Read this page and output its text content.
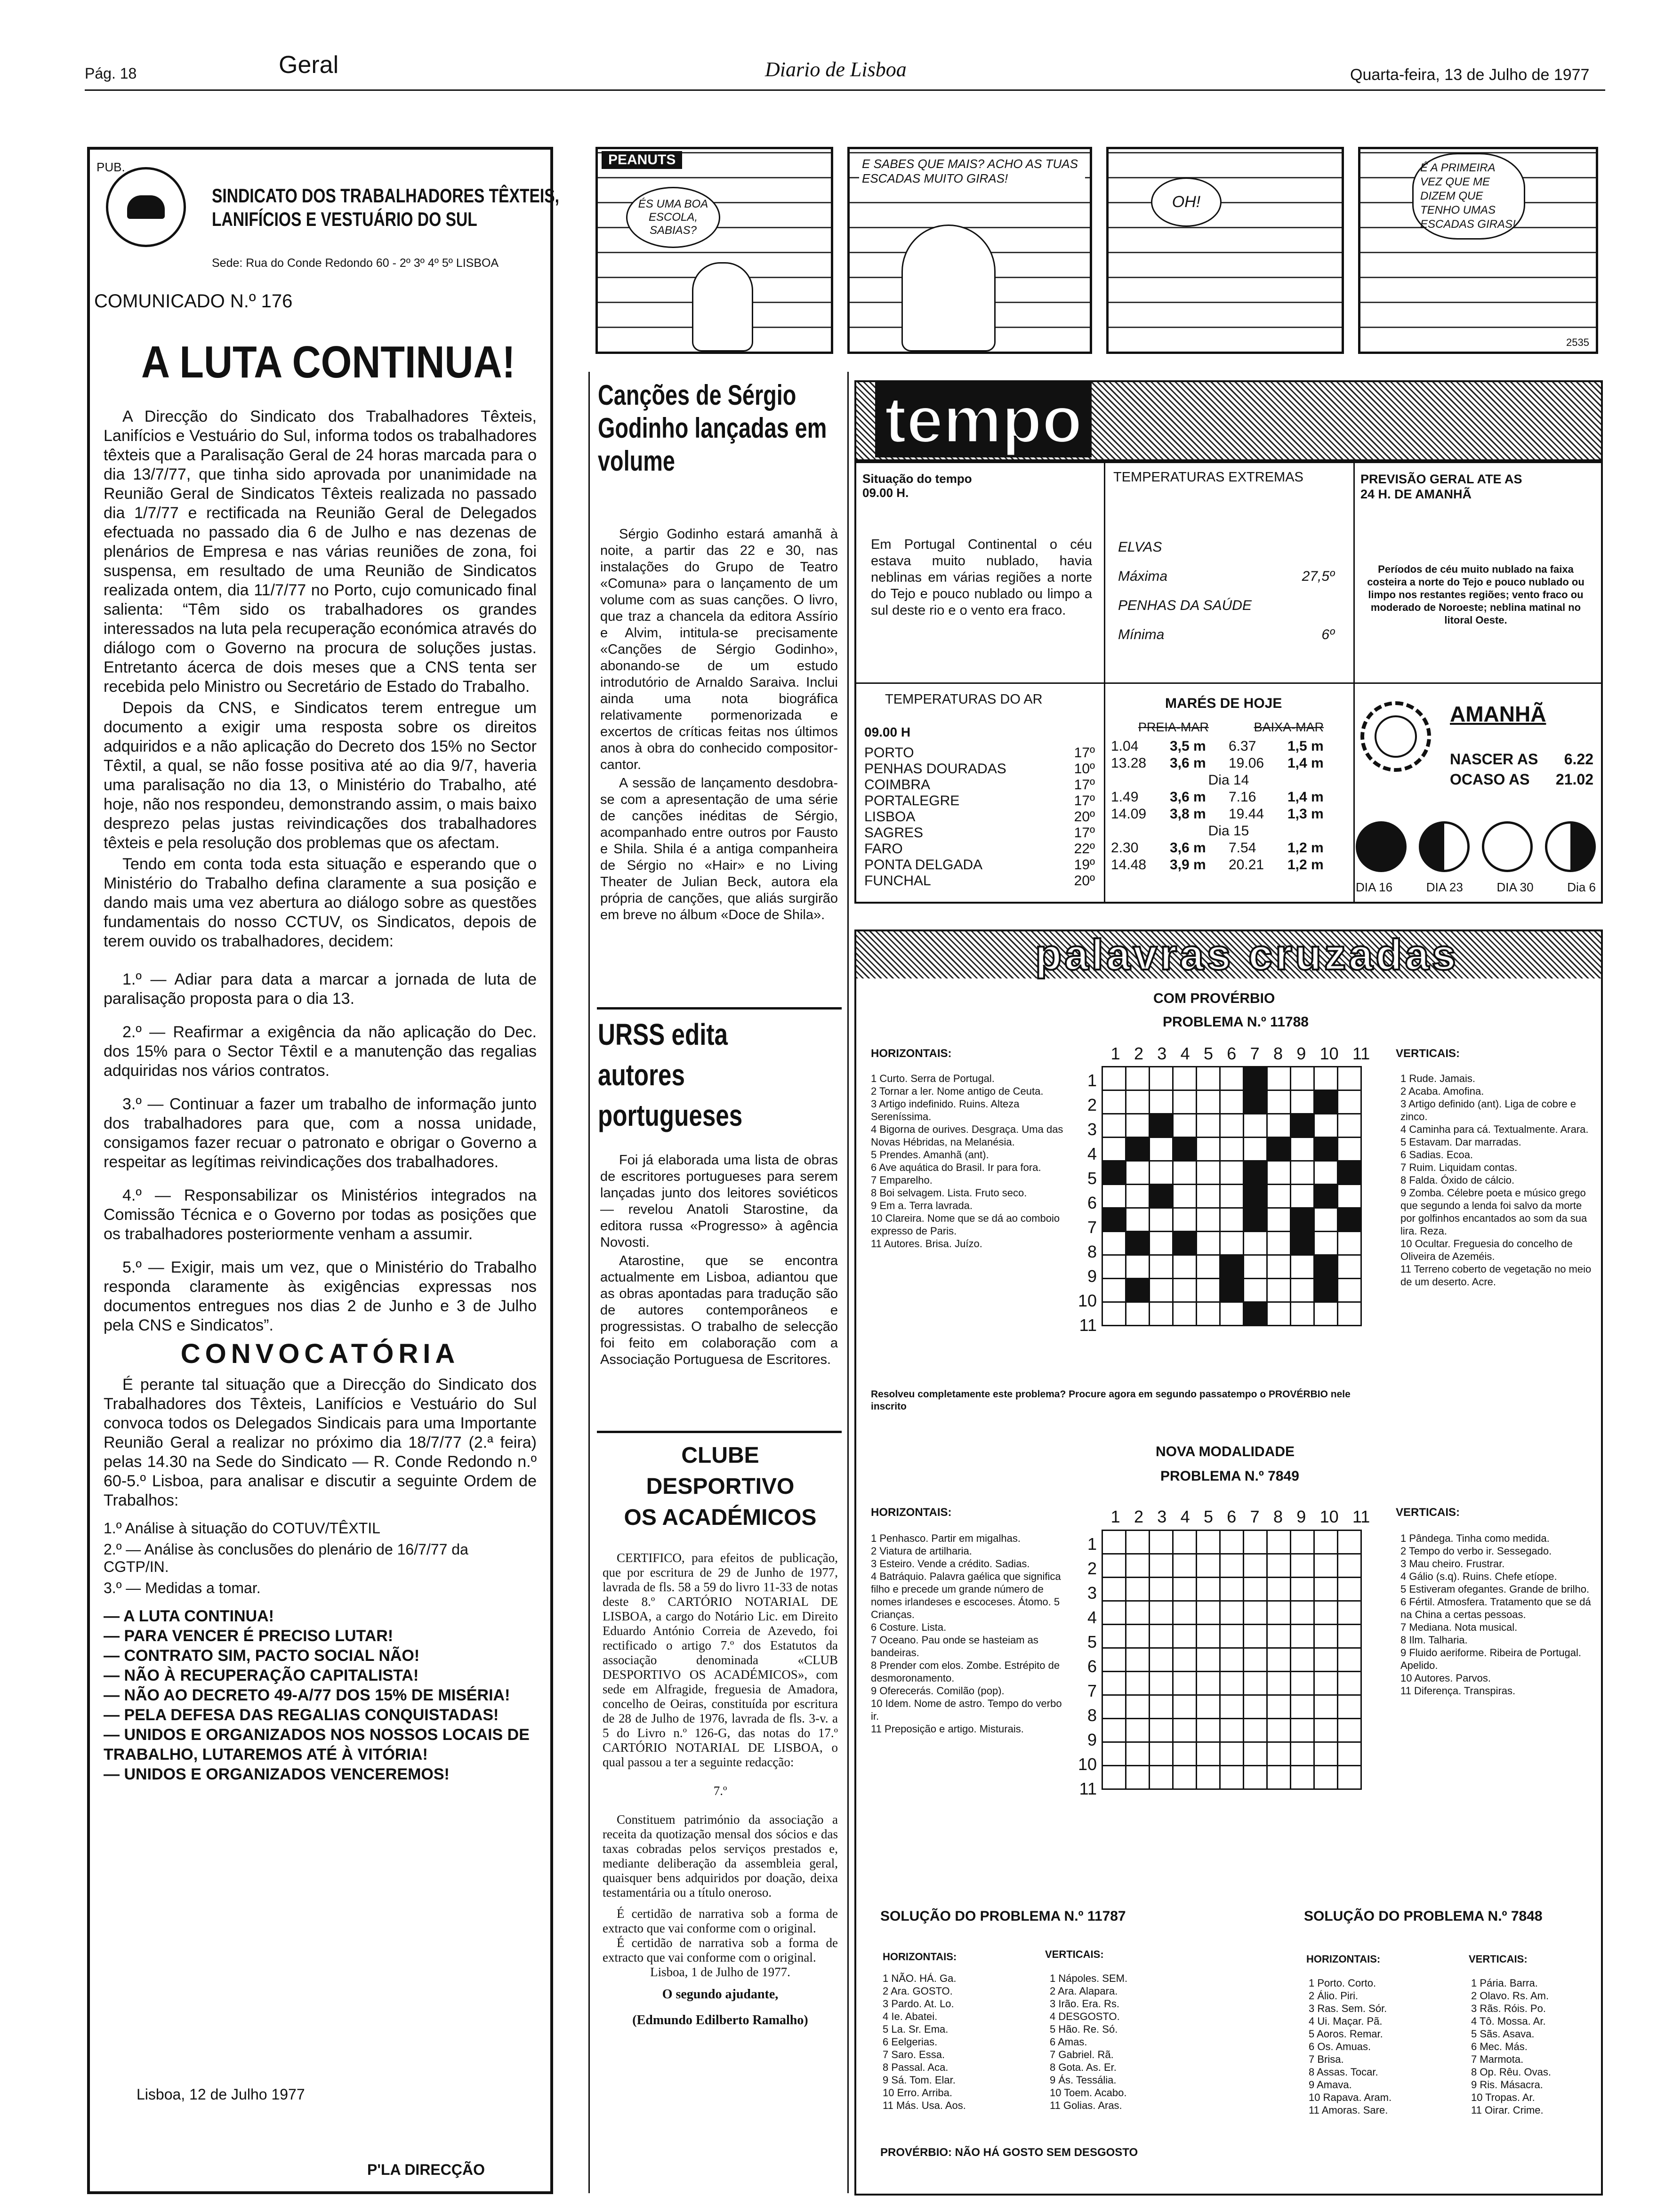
Pág. 18	Geral	Diario de Lisboa	Quarta-feira, 13 de Julho de 1977
PUB.
SINDICATO DOS TRABALHADORES TÊXTEIS,
LANIFÍCIOS E VESTUÁRIO DO SUL
Sede: Rua do Conde Redondo 60 - 2º 3º 4º 5º LISBOA
COMUNICADO N.º 176
A LUTA CONTINUA!

A Direcção do Sindicato dos Trabalhadores Têxteis, Lanifícios e Vestuário do Sul, informa todos os trabalhadores têxteis que a Paralisação Geral de 24 horas marcada para o dia 13/7/77, que tinha sido aprovada por unanimidade na Reunião Geral de Sindicatos Têxteis realizada no passado dia 1/7/77 e rectificada na Reunião Geral de Delegados efectuada no passado dia 6 de Julho e nas dezenas de plenários de Empresa e nas várias reuniões de zona, foi suspensa, em resultado de uma Reunião de Sindicatos realizada ontem, dia 11/7/77 no Porto, cujo comunicado final salienta: “Têm sido os trabalhadores os grandes interessados na luta pela recuperação económica através do diálogo com o Governo na procura de soluções justas. Entretanto ácerca de dois meses que a CNS tenta ser recebida pelo Ministro ou Secretário de Estado do Trabalho.

Depois da CNS, e Sindicatos terem entregue um documento a exigir uma resposta sobre os direitos adquiridos e a não aplicação do Decreto dos 15% no Sector Têxtil, a qual, se não fosse positiva até ao dia 9/7, haveria uma paralisação no dia 13, o Ministério do Trabalho, até hoje, não nos respondeu, demonstrando assim, o mais baixo desprezo pelas justas reivindicações dos trabalhadores têxteis e pela resolução dos problemas que os afectam.

Tendo em conta toda esta situação e esperando que o Ministério do Trabalho defina claramente a sua posição e dando mais uma vez abertura ao diálogo sobre as questões fundamentais do nosso CCTUV, os Sindicatos, depois de terem ouvido os trabalhadores, decidem:

1.º — Adiar para data a marcar a jornada de luta de paralisação proposta para o dia 13.

2.º — Reafirmar a exigência da não aplicação do Dec. dos 15% para o Sector Têxtil e a manutenção das regalias adquiridas nos vários contratos.

3.º — Continuar a fazer um trabalho de informação junto dos trabalhadores para que, com a nossa unidade, consigamos fazer recuar o patronato e obrigar o Governo a respeitar as legítimas reivindicações dos trabalhadores.

4.º — Responsabilizar os Ministérios integrados na Comissão Técnica e o Governo por todas as posições que os trabalhadores posteriormente venham a assumir.

5.º — Exigir, mais um vez, que o Ministério do Trabalho responda claramente às exigências expressas nos documentos entregues nos dias 2 de Junho e 3 de Julho pela CNS e Sindicatos”.

CONVOCATÓRIA

É perante tal situação que a Direcção do Sindicato dos Trabalhadores dos Têxteis, Lanifícios e Vestuário do Sul convoca todos os Delegados Sindicais para uma Importante Reunião Geral a realizar no próximo dia 18/7/77 (2.ª feira) pelas 14.30 na Sede do Sindicato — R. Conde Redondo n.º 60-5.º Lisboa, para analisar e discutir a seguinte Ordem de Trabalhos:

1.º Análise à situação do COTUV/TÊXTIL
2.º — Análise às conclusões do plenário de 16/7/77 da CGTP/IN.
3.º — Medidas a tomar.
— A LUTA CONTINUA!
— PARA VENCER É PRECISO LUTAR!
— CONTRATO SIM, PACTO SOCIAL NÃO!
— NÃO À RECUPERAÇÃO CAPITALISTA!
— NÃO AO DECRETO 49-A/77 DOS 15% DE MISÉRIA!
— PELA DEFESA DAS REGALIAS CONQUISTADAS!
— UNIDOS E ORGANIZADOS NOS NOSSOS LOCAIS DE TRABALHO, LUTAREMOS ATÉ À VITÓRIA!
— UNIDOS E ORGANIZADOS VENCEREMOS!
Lisboa, 12 de Julho 1977
P'LA DIRECÇÃO
PEANUTS
ÉS UMA BOA ESCOLA, SABIAS?
E SABES QUE MAIS? ACHO AS TUAS ESCADAS MUITO GIRAS!
OH!
É A PRIMEIRA VEZ QUE ME DIZEM QUE TENHO UMAS ESCADAS GIRAS!
2535
Canções de Sérgio Godinho lançadas em volume

Sérgio Godinho estará amanhã à noite, a partir das 22 e 30, nas instalações do Grupo de Teatro «Comuna» para o lançamento de um volume com as suas canções. O livro, que traz a chancela da editora Assírio e Alvim, intitula-se precisamente «Canções de Sérgio Godinho», abonando-se de um estudo introdutório de Arnaldo Saraiva. Inclui ainda uma nota biográfica relativamente pormenorizada e excertos de críticas feitas nos últimos anos à obra do conhecido compositor-cantor.

A sessão de lançamento desdobra-se com a apresentação de uma série de canções inéditas de Sérgio, acompanhado entre outros por Fausto e Shila. Shila é a antiga companheira de Sérgio no «Hair» e no Living Theater de Julian Beck, autora ela própria de canções, que aliás surgirão em breve no álbum «Doce de Shila».

URSS edita autores portugueses

Foi já elaborada uma lista de obras de escritores portugueses para serem lançadas junto dos leitores soviéticos — revelou Anatoli Starostine, da editora russa «Progresso» à agência Novosti.

Atarostine, que se encontra actualmente em Lisboa, adiantou que as obras apontadas para tradução são de autores contemporâneos e progressistas. O trabalho de selecção foi feito em colaboração com a Associação Portuguesa de Escritores.

CLUBE
DESPORTIVO
OS ACADÉMICOS

CERTIFICO, para efeitos de publicação, que por escritura de 29 de Junho de 1977, lavrada de fls. 58 a 59 do livro 11-33 de notas deste 8.º CARTÓRIO NOTARIAL DE LISBOA, a cargo do Notário Lic. em Direito Eduardo António Correia de Azevedo, foi rectificado o artigo 7.º dos Estatutos da associação denominada «CLUB DESPORTIVO OS ACADÉMICOS», com sede em Alfragide, freguesia de Amadora, concelho de Oeiras, constituída por escritura de 28 de Julho de 1976, lavrada de fls. 3-v. a 5 do Livro n.º 126-G, das notas do 17.º CARTÓRIO NOTARIAL DE LISBOA, o qual passou a ter a seguinte redacção:

7.º

Constituem património da associação a receita da quotização mensal dos sócios e das taxas cobradas pelos serviços prestados e, mediante deliberação da assembleia geral, quaisquer bens adquiridos por doação, deixa testamentária ou a título oneroso.

É certidão de narrativa sob a forma de extracto que vai conforme com o original.

É certidão de narrativa sob a forma de extracto que vai conforme com o original.

Lisboa, 1 de Julho de 1977.

O segundo ajudante,

(Edmundo Edilberto Ramalho)

tempo
Situação do tempo 09.00 H.
Em Portugal Continental o céu estava muito nublado, havia neblinas em várias regiões a norte do Tejo e pouco nublado ou limpo a sul deste rio e o vento era fraco.
TEMPERATURAS EXTREMAS
ELVAS
Máxima	27,5º
PENHAS DA SAÚDE
Mínima	6º
PREVISÃO GERAL ATE AS 24 H. DE AMANHÃ
Períodos de céu muito nublado na faixa costeira a norte do Tejo e pouco nublado ou limpo nos restantes regiões; vento fraco ou moderado de Noroeste; neblina matinal no litoral Oeste.
TEMPERATURAS DO AR
09.00 H
PORTO	17º
PENHAS DOURADAS	10º
COIMBRA	17º
PORTALEGRE	17º
LISBOA	20º
SAGRES	17º
FARO	22º
PONTA DELGADA	19º
FUNCHAL	20º
MARÉS DE HOJE
PREIA-MAR	BAIXA-MAR
1.04	3,5 m	6.37	1,5 m
13.28	3,6 m	19.06	1,4 m
Dia 14
1.49	3,6 m	7.16	1,4 m
14.09	3,8 m	19.44	1,3 m
Dia 15
2.30	3,6 m	7.54	1,2 m
14.48	3,9 m	20.21	1,2 m
AMANHÃ
NASCER AS 6.22
OCASO AS 21.02
DIA 16	DIA 23	DIA 30	Dia 6
palavras cruzadas
COM PROVÉRBIO
PROBLEMA N.º 11788
HORIZONTAIS:
1 Curto. Serra de Portugal.
2 Tornar a ler. Nome antigo de Ceuta.
3 Artigo indefinido. Ruins. Alteza Sereníssima.
4 Bigorna de ourives. Desgraça. Uma das Novas Hébridas, na Melanésia.
5 Prendes. Amanhã (ant).
6 Ave aquática do Brasil. Ir para fora.
7 Emparelho.
8 Boi selvagem. Lista. Fruto seco.
9 Em a. Terra lavrada.
10 Clareira. Nome que se dá ao comboio expresso de Paris.
11 Autores. Brisa. Juízo.
1 2 3 4 5 6 7 8 9 10 11
1
2
3
4
5
6
7
8
9
10
11

VERTICAIS:
1 Rude. Jamais.
2 Acaba. Amofina.
3 Artigo definido (ant). Liga de cobre e zinco.
4 Caminha para cá. Textualmente. Arara.
5 Estavam. Dar marradas.
6 Sadias. Ecoa.
7 Ruim. Liquidam contas.
8 Falda. Óxido de cálcio.
9 Zomba. Célebre poeta e músico grego que segundo a lenda foi salvo da morte por golfinhos encantados ao som da sua lira. Reza.
10 Ocultar. Freguesia do concelho de Oliveira de Azeméis.
11 Terreno coberto de vegetação no meio de um deserto. Acre.
Resolveu completamente este problema? Procure agora em segundo passatempo o PROVÉRBIO nele inscrito
NOVA MODALIDADE
PROBLEMA N.º 7849
HORIZONTAIS:
1 Penhasco. Partir em migalhas.
2 Viatura de artilharia.
3 Esteiro. Vende a crédito. Sadias.
4 Batráquio. Palavra gaélica que significa filho e precede um grande número de nomes irlandeses e escoceses. Átomo. 5 Crianças.
6 Costure. Lista.
7 Oceano. Pau onde se hasteiam as bandeiras.
8 Prender com elos. Zombe. Estrépito de desmoronamento.
9 Oferecerás. Comilão (pop).
10 Idem. Nome de astro. Tempo do verbo ir.
11 Preposição e artigo. Misturais.
1 2 3 4 5 6 7 8 9 10 11
1
2
3
4
5
6
7
8
9
10
11

VERTICAIS:
1 Pândega. Tinha como medida.
2 Tempo do verbo ir. Sessegado.
3 Mau cheiro. Frustrar.
4 Gálio (s.q). Ruins. Chefe etíope.
5 Estiveram ofegantes. Grande de brilho.
6 Fértil. Atmosfera. Tratamento que se dá na China a certas pessoas.
7 Mediana. Nota musical.
8 Ilm. Talharia.
9 Fluido aeriforme. Ribeira de Portugal. Apelido.
10 Autores. Parvos.
11 Diferença. Transpiras.
SOLUÇÃO DO PROBLEMA N.º 11787	SOLUÇÃO DO PROBLEMA N.º 7848
HORIZONTAIS:
1 NÃO. HÁ. Ga.
2 Ara. GOSTO.
3 Pardo. At. Lo.
4 Ie. Abatei.
5 La. Sr. Ema.
6 Eelgerias.
7 Saro. Essa.
8 Passal. Aca.
9 Sá. Tom. Elar.
10 Erro. Arriba.
11 Más. Usa. Aos.
VERTICAIS:
1 Nápoles. SEM.
2 Ara. Alapara.
3 Irão. Era. Rs.
4 DESGOSTO.
5 Hão. Re. Só.
6 Amas.
7 Gabriel. Rã.
8 Gota. As. Er.
9 Ás. Tessália.
10 Toem. Acabo.
11 Golias. Aras.
PROVÉRBIO: NÃO HÁ GOSTO SEM DESGOSTO
HORIZONTAIS:
1 Porto. Corto.
2 Álio. Piri.
3 Ras. Sem. Sór.
4 Ui. Maçar. Pã.
5 Aoros. Remar.
6 Os. Amuas.
7 Brisa.
8 Assas. Tocar.
9 Amava.
10 Rapava. Aram.
11 Amoras. Sare.
VERTICAIS:
1 Pária. Barra.
2 Olavo. Rs. Am.
3 Rãs. Róis. Po.
4 Tô. Mossa. Ar.
5 Sãs. Asava.
6 Mec. Más.
7 Marmota.
8 Op. Rêu. Ovas.
9 Ris. Másacra.
10 Tropas. Ar.
11 Oirar. Crime.
